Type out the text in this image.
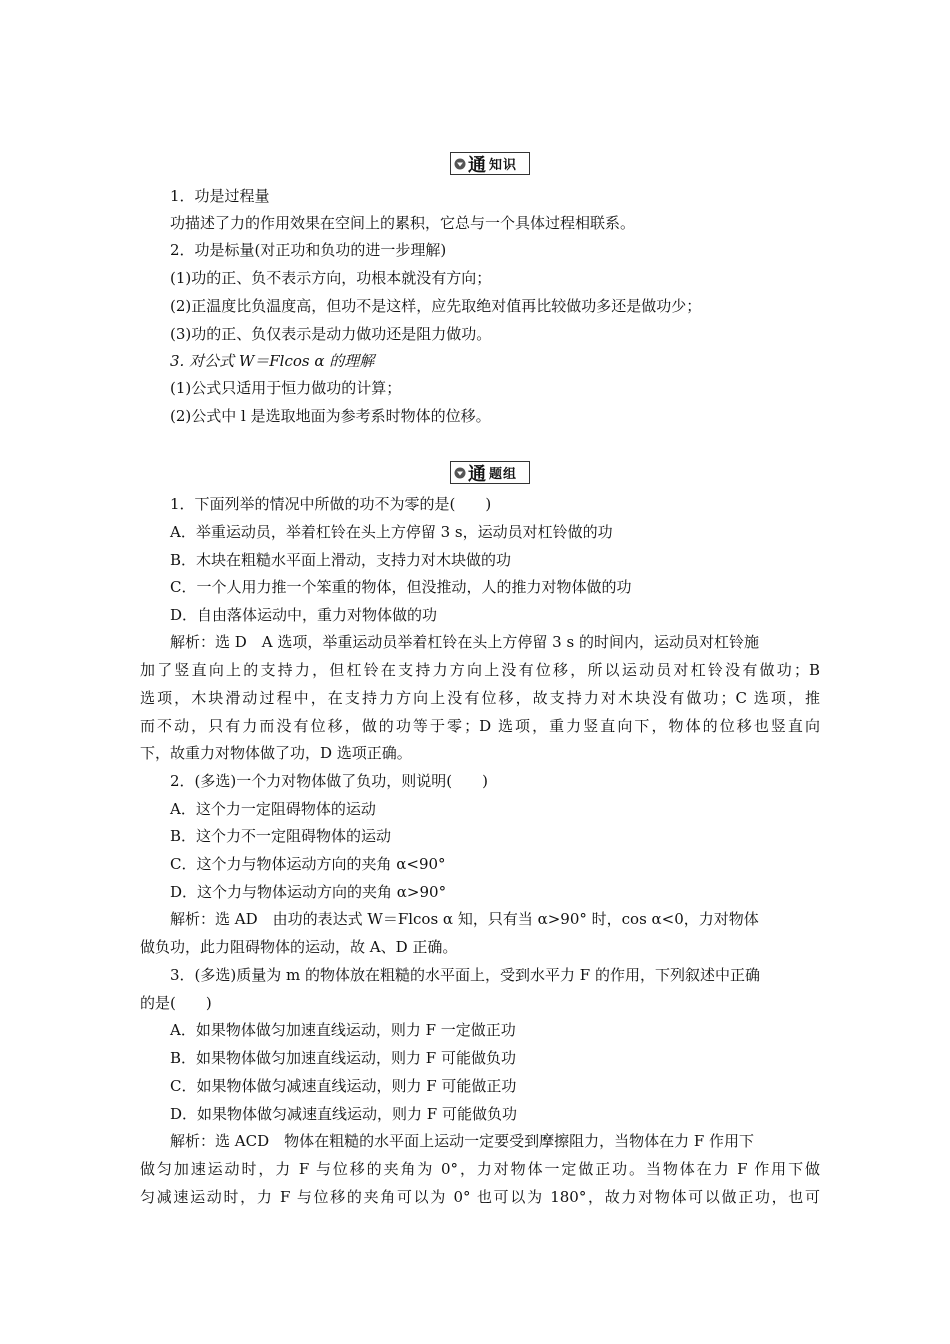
通 知识
1．功是过程量
功描述了力的作用效果在空间上的累积，它总与一个具体过程相联系。
2．功是标量(对正功和负功的进一步理解)
(1)功的正、负不表示方向，功根本就没有方向；
(2)正温度比负温度高，但功不是这样，应先取绝对值再比较做功多还是做功少；
(3)功的正、负仅表示是动力做功还是阻力做功。
3. 对公式 W＝Flcos α 的理解
(1)公式只适用于恒力做功的计算；
(2)公式中 l 是选取地面为参考系时物体的位移。
通 题组
1．下面列举的情况中所做的功不为零的是(　　)
A．举重运动员，举着杠铃在头上方停留 3 s，运动员对杠铃做的功
B．木块在粗糙水平面上滑动，支持力对木块做的功
C．一个人用力推一个笨重的物体，但没推动，人的推力对物体做的功
D．自由落体运动中，重力对物体做的功
解析：选 D　A 选项，举重运动员举着杠铃在头上方停留 3 s 的时间内，运动员对杠铃施
加了竖直向上的支持力，但杠铃在支持力方向上没有位移，所以运动员对杠铃没有做功；B
选项，木块滑动过程中，在支持力方向上没有位移，故支持力对木块没有做功；C 选项，推
而不动，只有力而没有位移，做的功等于零；D 选项，重力竖直向下，物体的位移也竖直向
下，故重力对物体做了功，D 选项正确。
2．(多选)一个力对物体做了负功，则说明(　　)
A．这个力一定阻碍物体的运动
B．这个力不一定阻碍物体的运动
C．这个力与物体运动方向的夹角 α<90°
D．这个力与物体运动方向的夹角 α>90°
解析：选 AD　由功的表达式 W＝Flcos α 知，只有当 α>90° 时，cos α<0，力对物体
做负功，此力阻碍物体的运动，故 A、D 正确。
3．(多选)质量为 m 的物体放在粗糙的水平面上，受到水平力 F 的作用，下列叙述中正确
的是(　　)
A．如果物体做匀加速直线运动，则力 F 一定做正功
B．如果物体做匀加速直线运动，则力 F 可能做负功
C．如果物体做匀减速直线运动，则力 F 可能做正功
D．如果物体做匀减速直线运动，则力 F 可能做负功
解析：选 ACD　物体在粗糙的水平面上运动一定要受到摩擦阻力，当物体在力 F 作用下
做匀加速运动时，力 F 与位移的夹角为 0°，力对物体一定做正功。当物体在力 F 作用下做
匀减速运动时，力 F 与位移的夹角可以为 0° 也可以为 180°，故力对物体可以做正功，也可
